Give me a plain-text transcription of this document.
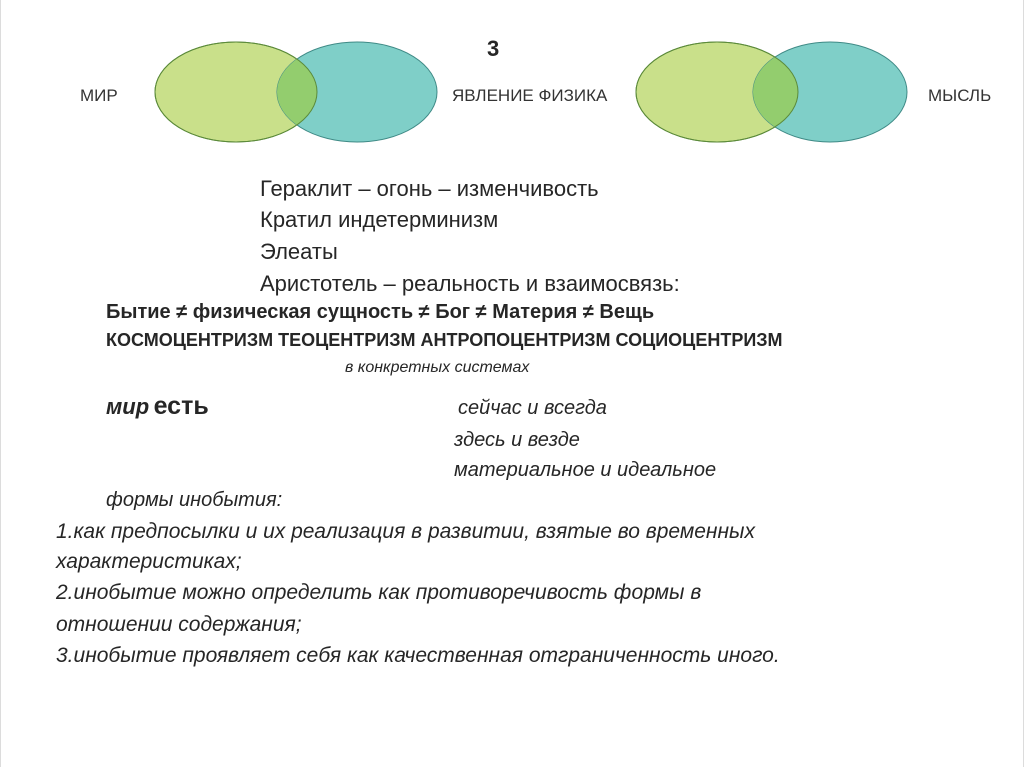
3
МИР	ЯВЛЕНИЕ ФИЗИКА	МЫСЛЬ
Гераклит – огонь – изменчивость
Кратил индетерминизм
Элеаты
Аристотель – реальность и взаимосвязь:
Бытие ≠ физическая сущность ≠ Бог ≠ Материя ≠ Вещь
КОСМОЦЕНТРИЗМ ТЕОЦЕНТРИЗМ АНТРОПОЦЕНТРИЗМ СОЦИОЦЕНТРИЗМ
в конкретных системах
мир есть	сейчас и всегда
здесь и везде
материальное и идеальное
формы инобытия:
1.как предпосылки и их реализация в развитии, взятые во временных
характеристиках;
2.инобытие можно определить как противоречивость формы в
отношении содержания;
3.инобытие проявляет себя как качественная отграниченность иного.
